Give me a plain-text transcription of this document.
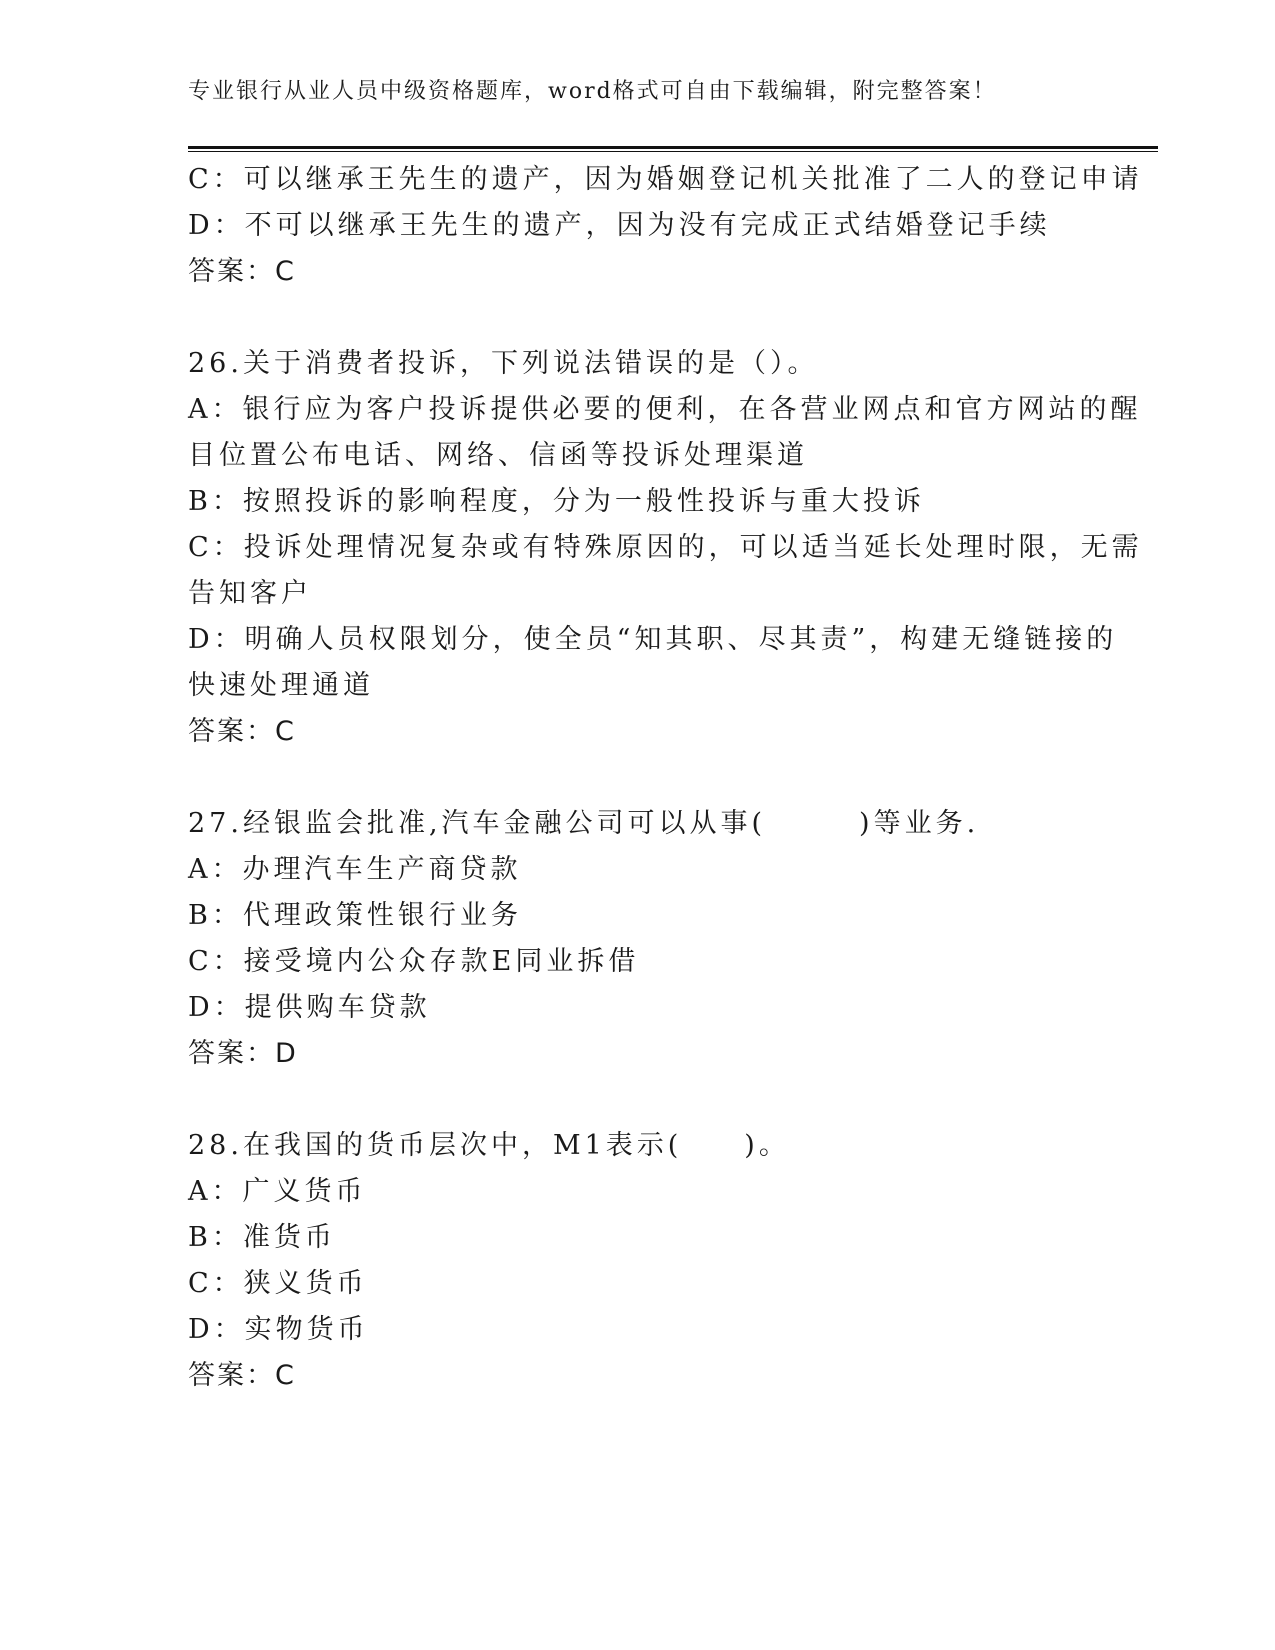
专业银行从业人员中级资格题库，word格式可自由下载编辑，附完整答案！
C：可以继承王先生的遗产，因为婚姻登记机关批准了二人的登记申请
D：不可以继承王先生的遗产，因为没有完成正式结婚登记手续
答案：C
26.关于消费者投诉，下列说法错误的是（）。
A：银行应为客户投诉提供必要的便利，在各营业网点和官方网站的醒
目位置公布电话、网络、信函等投诉处理渠道
B：按照投诉的影响程度，分为一般性投诉与重大投诉
C：投诉处理情况复杂或有特殊原因的，可以适当延长处理时限，无需
告知客户
D：明确人员权限划分，使全员“知其职、尽其责”，构建无缝链接的
快速处理通道
答案：C
27.经银监会批准,汽车金融公司可以从事(　　　)等业务.
A：办理汽车生产商贷款
B：代理政策性银行业务
C：接受境内公众存款E同业拆借
D：提供购车贷款
答案：D
28.在我国的货币层次中，M1表示(　　)。
A：广义货币
B：准货币
C：狭义货币
D：实物货币
答案：C
